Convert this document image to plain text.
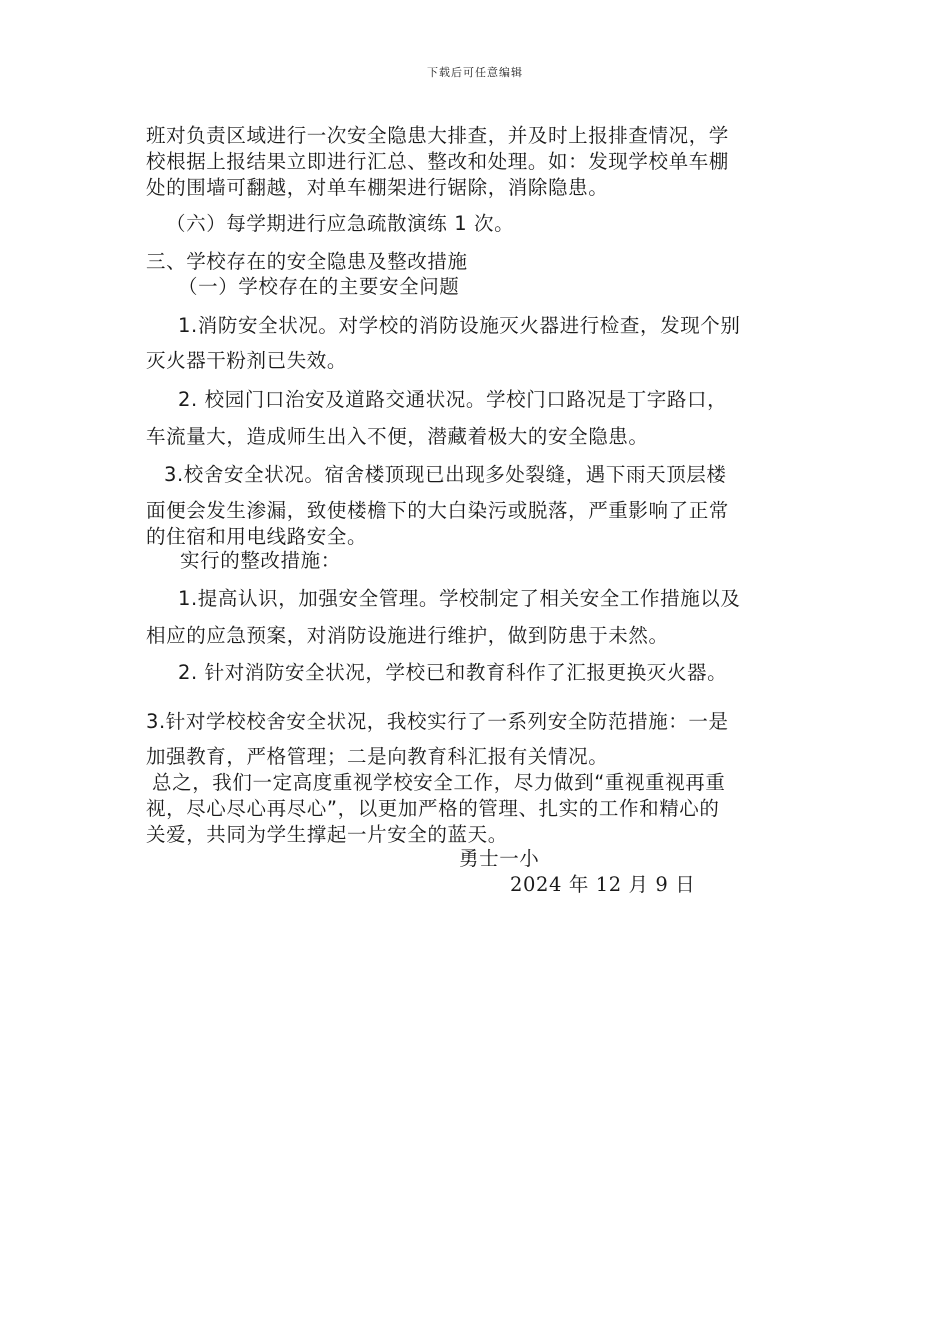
下载后可任意编辑
班对负责区域进行一次安全隐患大排查，并及时上报排查情况，学
校根据上报结果立即进行汇总、整改和处理。如：发现学校单车棚
处的围墙可翻越，对单车棚架进行锯除，消除隐患。
（六）每学期进行应急疏散演练 1 次。
三、学校存在的安全隐患及整改措施
（一）学校存在的主要安全问题
1.消防安全状况。对学校的消防设施灭火器进行检查，发现个别
灭火器干粉剂已失效。
2. 校园门口治安及道路交通状况。学校门口路况是丁字路口，
车流量大，造成师生出入不便，潜藏着极大的安全隐患。
3.校舍安全状况。宿舍楼顶现已出现多处裂缝，遇下雨天顶层楼
面便会发生渗漏，致使楼檐下的大白染污或脱落，严重影响了正常
的住宿和用电线路安全。
实行的整改措施：
1.提高认识，加强安全管理。学校制定了相关安全工作措施以及
相应的应急预案，对消防设施进行维护，做到防患于未然。
2. 针对消防安全状况，学校已和教育科作了汇报更换灭火器。
3.针对学校校舍安全状况，我校实行了一系列安全防范措施：一是
加强教育，严格管理；二是向教育科汇报有关情况。
总之，我们一定高度重视学校安全工作，尽力做到“重视重视再重
视，尽心尽心再尽心”，以更加严格的管理、扎实的工作和精心的
关爱，共同为学生撑起一片安全的蓝天。
勇士一小
2024 年 12 月 9 日
